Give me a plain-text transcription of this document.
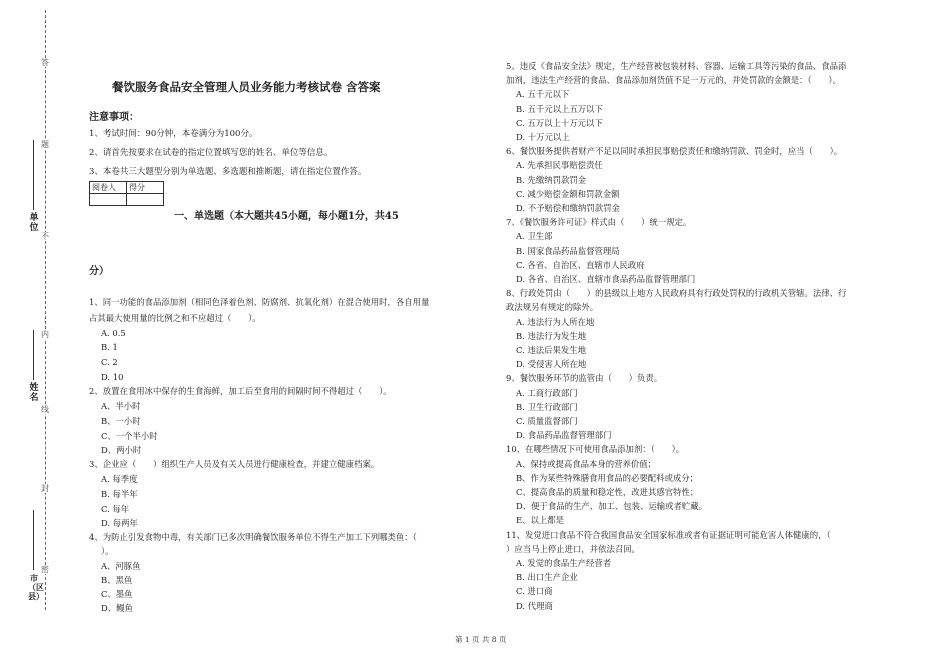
答
题
不
内
线
封
密
单位
姓名
市（区县）
餐饮服务食品安全管理人员业务能力考核试卷 含答案
注意事项：
1、考试时间：90分钟，本卷满分为100分。
2、请首先按要求在试卷的指定位置填写您的姓名、单位等信息。
3、本卷共三大题型分别为单选题、多选题和推断题，请在指定位置作答。
阅卷人	得分

一、单选题（本大题共45小题，每小题1分，共45
分）
1、同一功能的食品添加剂（相同色泽着色剂、防腐剂、抗氧化剂）在混合使用时，各自用量
占其最大使用量的比例之和不应超过（　　）。
A. 0.5
B. 1
C. 2
D. 10
2、放置在食用冰中保存的生食海鲜，加工后至食用的间隔时间不得超过（　　）。
A、半小时
B、一小时
C、一个半小时
D、两小时
3、企业应（　　）组织生产人员及有关人员进行健康检查，并建立健康档案。
A. 每季度
B. 每半年
C. 每年
D. 每两年
4、为防止引发食物中毒，有关部门已多次明确餐饮服务单位不得生产加工下列哪类鱼：（
）。
A、河豚鱼
B、黑鱼
C、墨鱼
D、鳗鱼
5、违反《食品安全法》规定，生产经营被包装材料、容器、运输工具等污染的食品、食品添
加剂，违法生产经营的食品、食品添加剂货值不足一万元的，并处罚款的金额是：（　　）。
A. 五千元以下
B. 五千元以上五万以下
C. 五万以上十万元以下
D. 十万元以上
6、餐饮服务提供者财产不足以同时承担民事赔偿责任和缴纳罚款、罚金时，应当（　　）。
A. 先承担民事赔偿责任
B. 先缴纳罚款罚金
C. 减少赔偿金额和罚款金额
D. 不予赔偿和缴纳罚款罚金
7、《餐饮服务许可证》样式由（　　）统一规定。
A. 卫生部
B. 国家食品药品监督管理局
C. 各省、自治区、直辖市人民政府
D. 各省、自治区、直辖市食品药品监督管理部门
8、行政处罚由（　　）的县级以上地方人民政府具有行政处罚权的行政机关管辖。法律、行
政法规另有规定的除外。
A. 违法行为人所在地
B. 违法行为发生地
C. 违法后果发生地
D. 受侵害人所在地
9、餐饮服务环节的监管由（　　）负责。
A. 工商行政部门
B. 卫生行政部门
C. 质量监督部门
D. 食品药品监督管理部门
10、在哪些情况下可使用食品添加剂：（　　）。
A、保持或提高食品本身的营养价值；
B、作为某些特殊膳食用食品的必要配料或成分；
C、提高食品的质量和稳定性，改进其感官特性；
D、便于食品的生产、加工、包装、运输或者贮藏。
E、以上都是
11、发觉进口食品不符合我国食品安全国家标准或者有证据证明可能危害人体健康的，（
）应当马上停止进口，并依法召回。
A. 发觉的食品生产经营者
B. 出口生产企业
C. 进口商
D. 代理商
第 1 页 共 8 页
